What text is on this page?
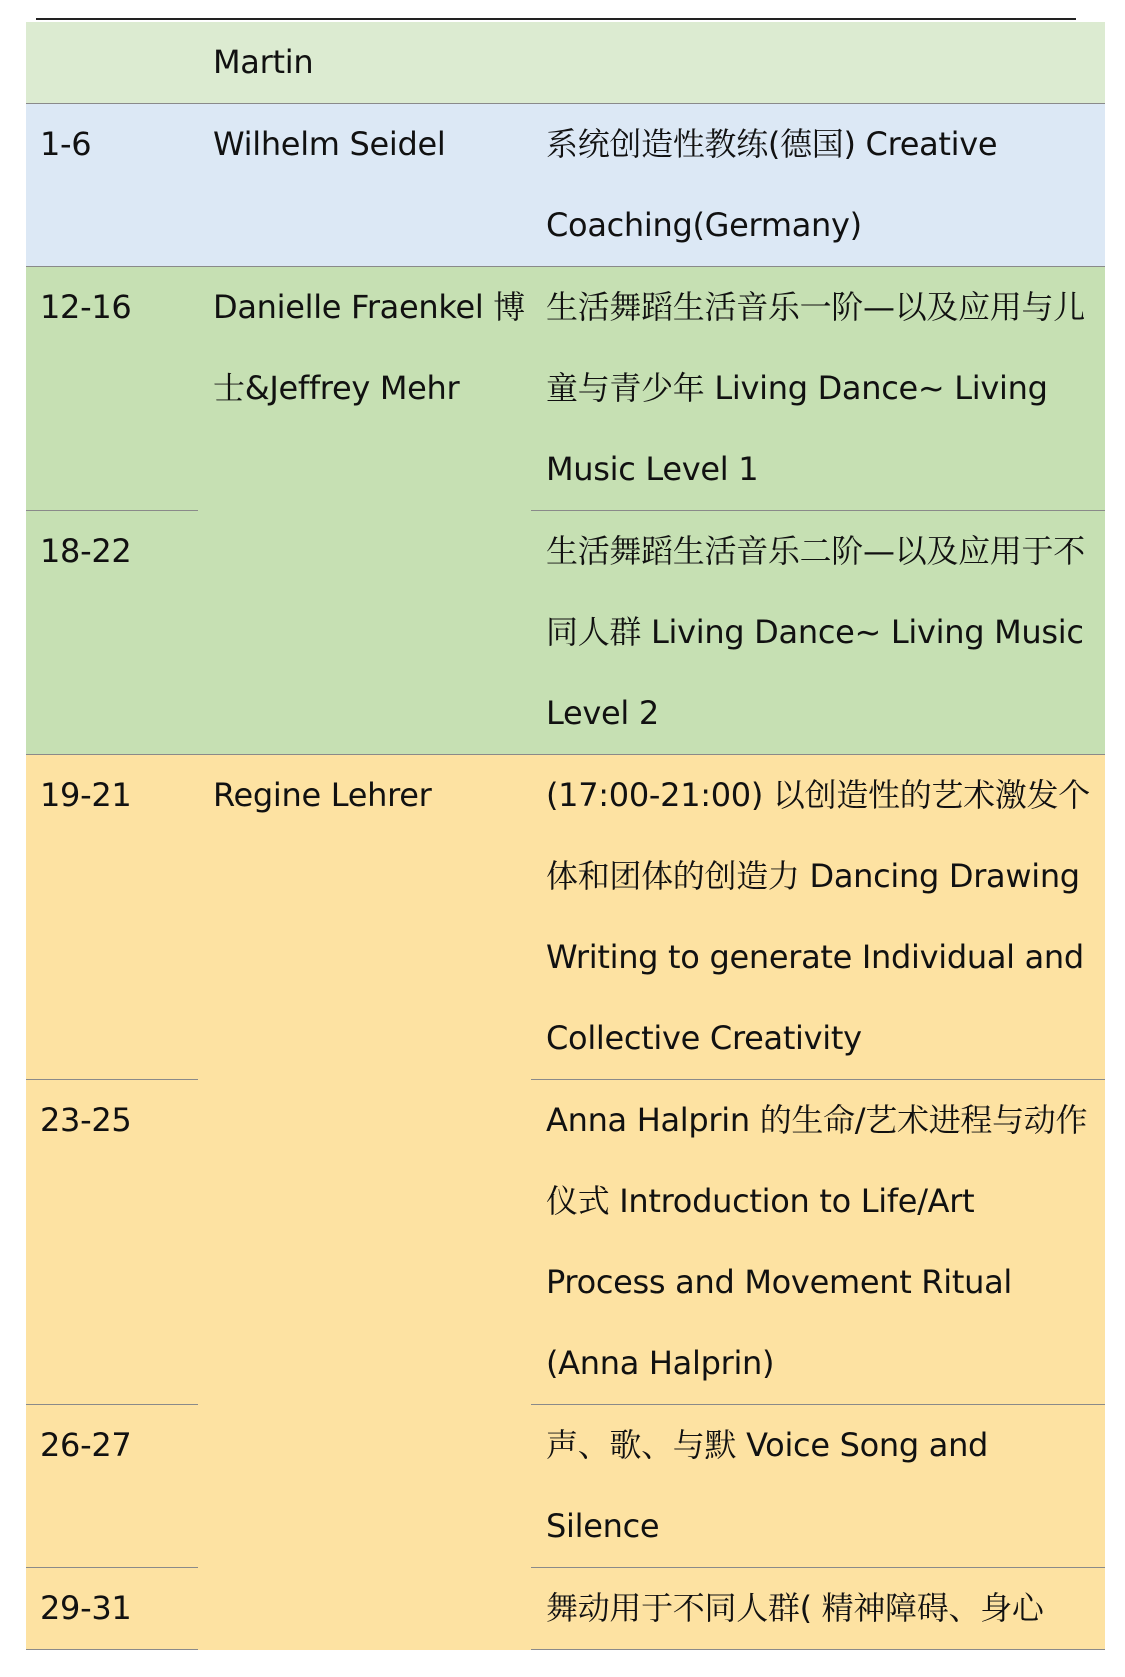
	Martin	
1-6	Wilhelm Seidel	系统创造性教练(德国) Creative Coaching(Germany)
12-16	Danielle Fraenkel 博士&Jeffrey Mehr	生活舞蹈生活音乐一阶—以及应用与儿童与青少年 Living Dance~ Living Music Level 1
18-22		生活舞蹈生活音乐二阶—以及应用于不同人群 Living Dance~ Living Music Level 2
19-21	Regine Lehrer	(17:00-21:00) 以创造性的艺术激发个体和团体的创造力 Dancing Drawing Writing to generate Individual and Collective Creativity
23-25		Anna Halprin 的生命/艺术进程与动作仪式 Introduction to Life/Art Process and Movement Ritual (Anna Halprin)
26-27		声、歌、与默 Voice Song and Silence
29-31		舞动用于不同人群( 精神障碍、身心
